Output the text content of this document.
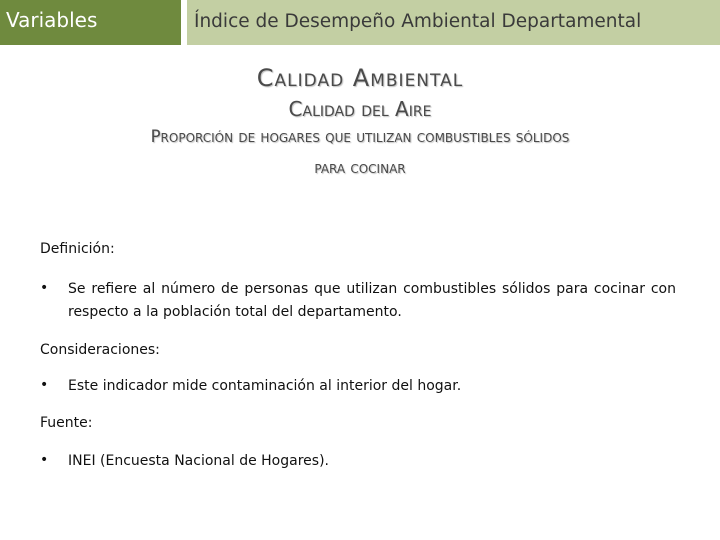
Variables	Índice de Desempeño Ambiental Departamental
Calidad Ambiental
Calidad del Aire
Proporción de hogares que utilizan combustibles sólidos
para cocinar
Definición:
• Se refiere al número de personas que utilizan combustibles sólidos para cocinar con respecto a la población total del departamento.
Consideraciones:
• Este indicador mide contaminación al interior del hogar.
Fuente:
• INEI (Encuesta Nacional de Hogares).
